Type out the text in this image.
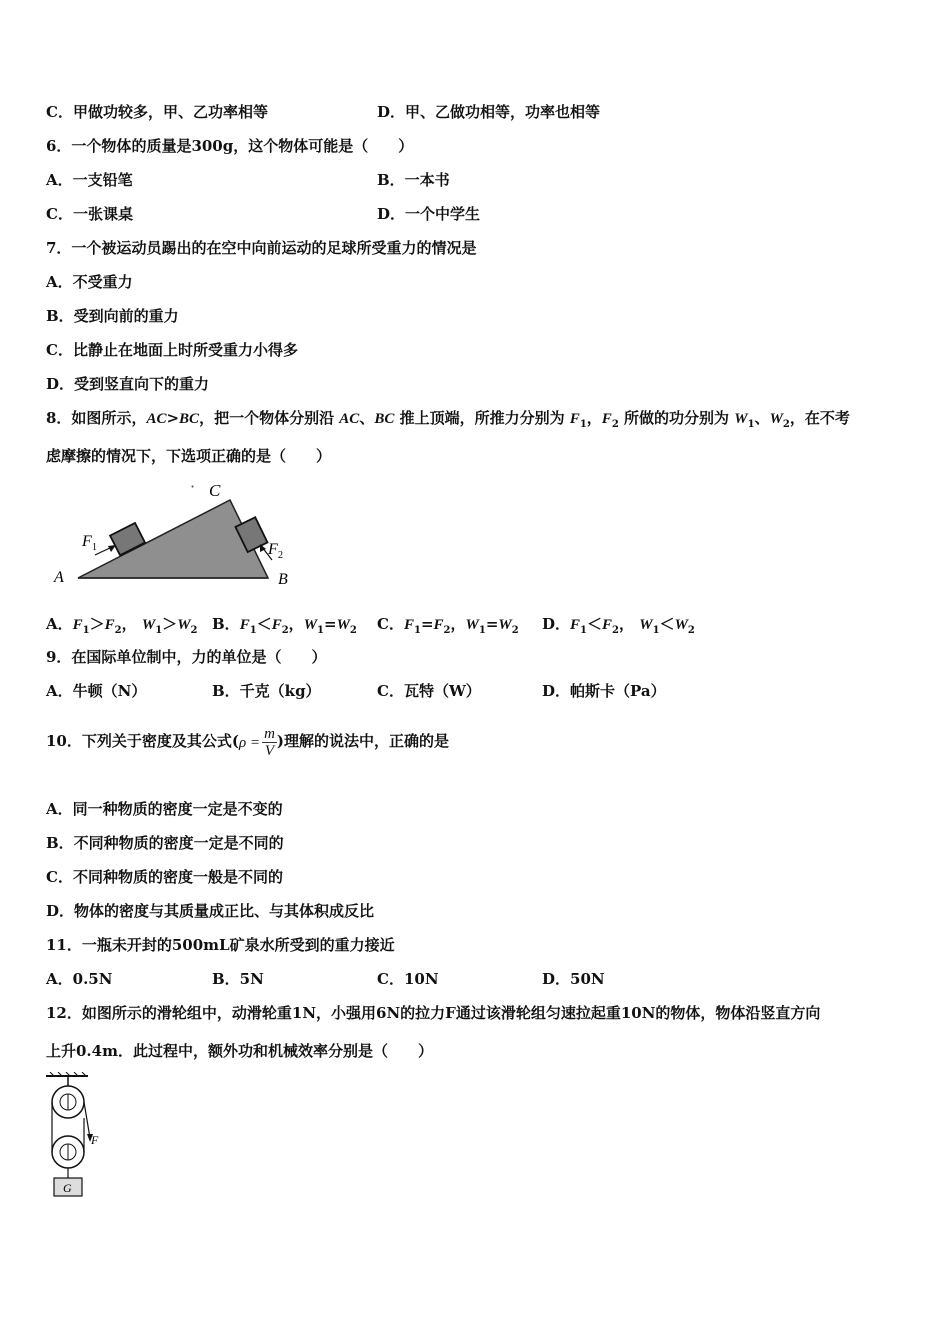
C．甲做功较多，甲、乙功率相等	D．甲、乙做功相等，功率也相等
6．一个物体的质量是300g，这个物体可能是（　　）
A．一支铅笔	B．一本书
C．一张课桌	D．一个中学生
7．一个被运动员踢出的在空中向前运动的足球所受重力的情况是
A．不受重力
B．受到向前的重力
C．比静止在地面上时所受重力小得多
D．受到竖直向下的重力
8．如图所示，AC>BC，把一个物体分别沿 AC、BC 推上顶端，所推力分别为 $F_1$，$F_2$ 所做的功分别为 $W_1$、$W_2$，在不考
虑摩擦的情况下，下选项正确的是（　　）
· C
A	B
F 1	F 2
A．$F_1>F_2$， $W_1>W_2$ B．$F_1<F_2$，$W_1=W_2$ C．$F_1=F_2$，$W_1=W_2$ D．$F_1<F_2$， $W_1<W_2$
9．在国际单位制中，力的单位是（　　）
A．牛顿（N）	B．千克（kg）	C．瓦特（W）	D．帕斯卡（Pa）
10．下列关于密度及其公式($\rho = \frac{m}{V}$ )理解的说法中，正确的是
A．同一种物质的密度一定是不变的
B．不同种物质的密度一定是不同的
C．不同种物质的密度一般是不同的
D．物体的密度与其质量成正比、与其体积成反比
11．一瓶未开封的500mL矿泉水所受到的重力接近
A．0.5N	B．5N	C．10N	D．50N
12．如图所示的滑轮组中，动滑轮重1N，小强用6N的拉力F通过该滑轮组匀速拉起重10N的物体，物体沿竖直方向
上升0.4m．此过程中，额外功和机械效率分别是（　　）
F
G
